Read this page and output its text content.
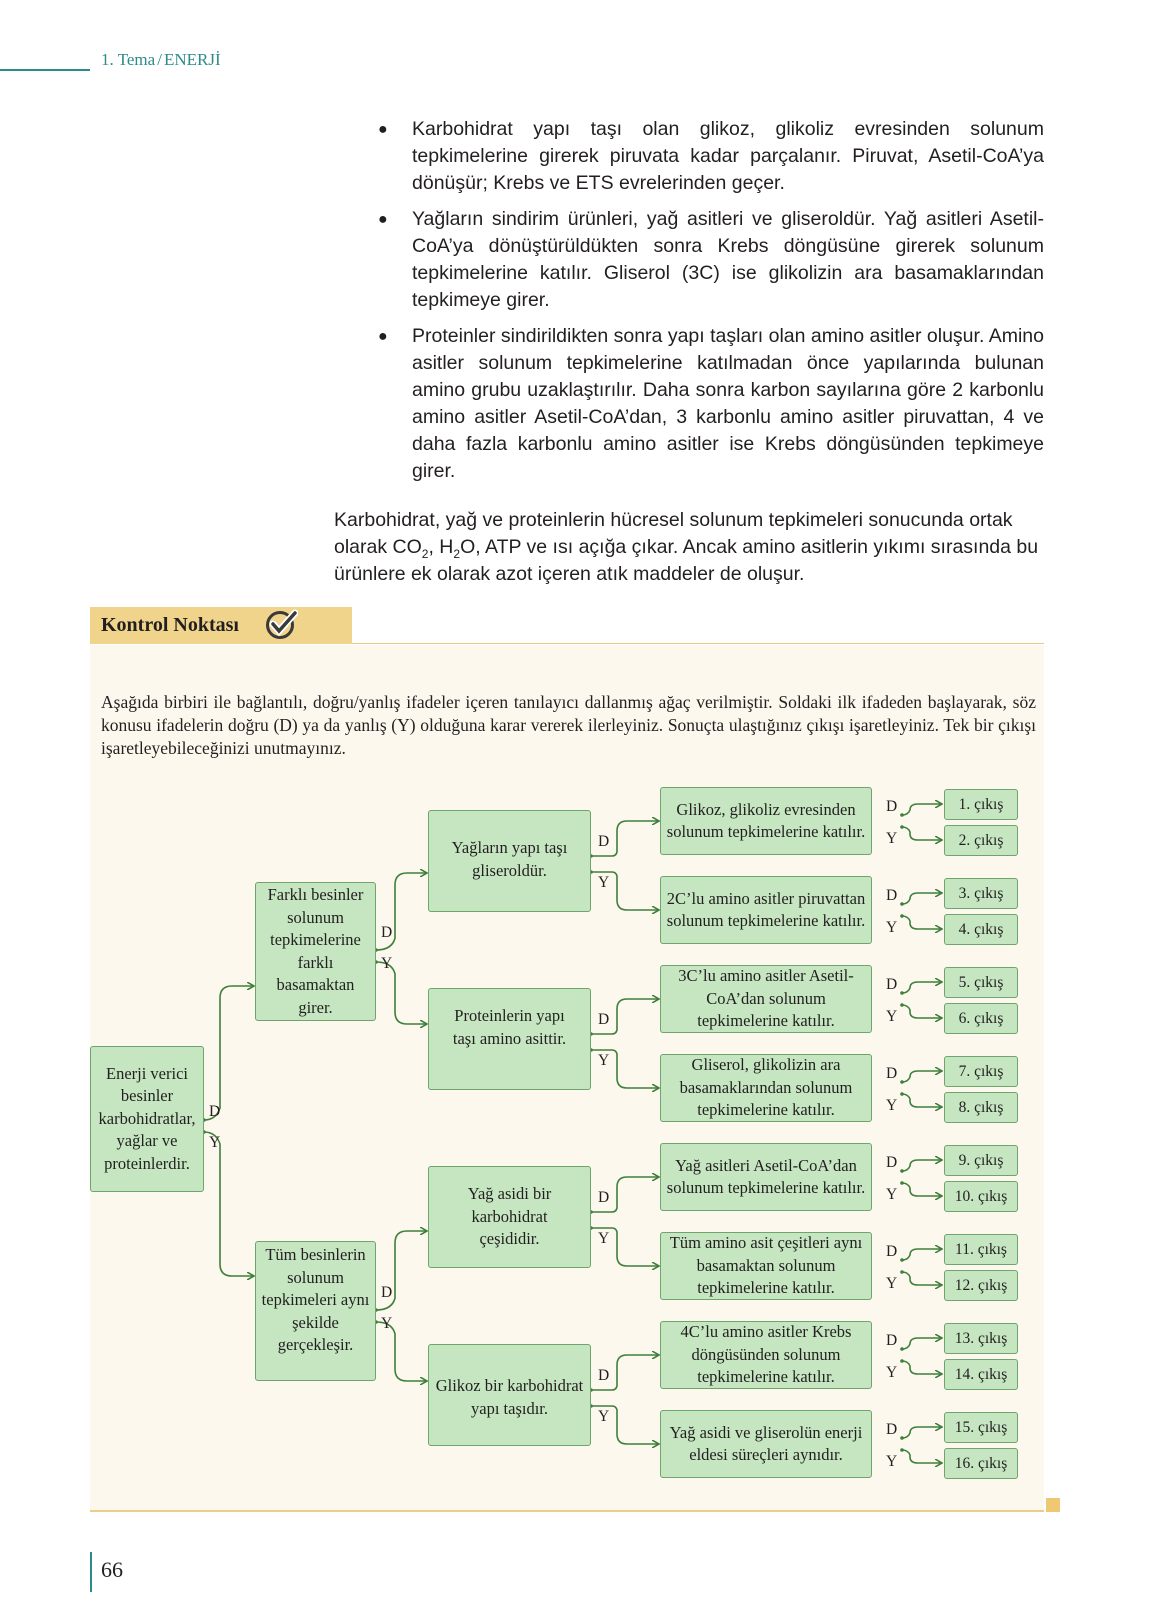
1. Tema / ENERJİ
● Karbohidrat yapı taşı olan glikoz, glikoliz evresinden solunum tepkimelerine girerek piruvata kadar parçalanır. Piruvat, Asetil-CoA’ya dönüşür; Krebs ve ETS evrelerinden geçer.
● Yağların sindirim ürünleri, yağ asitleri ve gliseroldür. Yağ asitleri Asetil-CoA’ya dönüştürüldükten sonra Krebs döngüsüne girerek solunum tepkimelerine katılır. Gliserol (3C) ise glikolizin ara basamaklarından tepkimeye girer.
● Proteinler sindirildikten sonra yapı taşları olan amino asitler oluşur. Amino asitler solunum tepkimelerine katılmadan önce yapılarında bulunan amino grubu uzaklaştırılır. Daha sonra karbon sayılarına göre 2 karbonlu amino asitler Asetil-CoA’dan, 3 karbonlu amino asitler piruvattan, 4 ve daha fazla karbonlu amino asitler ise Krebs döngüsünden tepkimeye girer.
Karbohidrat, yağ ve proteinlerin hücresel solunum tepkimeleri sonucunda ortak olarak $CO_2$, $H_2O$, ATP ve ısı açığa çıkar. Ancak amino asitlerin yıkımı sırasında bu ürünlere ek olarak azot içeren atık maddeler de oluşur.
Kontrol Noktası
Aşağıda birbiri ile bağlantılı, doğru/yanlış ifadeler içeren tanılayıcı dallanmış ağaç verilmiştir. Soldaki ilk ifadeden başlayarak, söz konusu ifadelerin doğru (D) ya da yanlış (Y) olduğuna karar vererek ilerleyiniz. Sonuçta ulaştığınız çıkışı işaretleyiniz. Tek bir çıkışı işaretleyebileceğinizi unutmayınız.
Enerji verici besinler karbohidratlar, yağlar ve proteinlerdir.
Farklı besinler solunum tepkimelerine farklı basamaktan girer.
Tüm besinlerin solunum tepkimeleri aynı şekilde gerçekleşir.
Yağların yapı taşı gliseroldür.
Proteinlerin yapı taşı amino asittir.
Yağ asidi bir karbohidrat çeşididir.
Glikoz bir karbohidrat yapı taşıdır.
Glikoz, glikoliz evresinden solunum tepkimelerine katılır.
2C’lu amino asitler piruvattan solunum tepkimelerine katılır.
3C’lu amino asitler Asetil-CoA’dan solunum tepkimelerine katılır.
Gliserol, glikolizin ara basamaklarından solunum tepkimelerine katılır.
Yağ asitleri Asetil-CoA’dan solunum tepkimelerine katılır.
Tüm amino asit çeşitleri aynı basamaktan solunum tepkimelerine katılır.
4C’lu amino asitler Krebs döngüsünden solunum tepkimelerine katılır.
Yağ asidi ve gliserolün enerji eldesi süreçleri aynıdır.
1. çıkış
2. çıkış
3. çıkış
4. çıkış
5. çıkış
6. çıkış
7. çıkış
8. çıkış
9. çıkış
10. çıkış
11. çıkış
12. çıkış
13. çıkış
14. çıkış
15. çıkış
16. çıkış
D
Y
D
Y
D
Y
D
Y
D
Y
D
Y
D
Y
D
Y
D
Y
D
Y
D
Y
D
Y
D
Y
D
Y
D
Y
66
